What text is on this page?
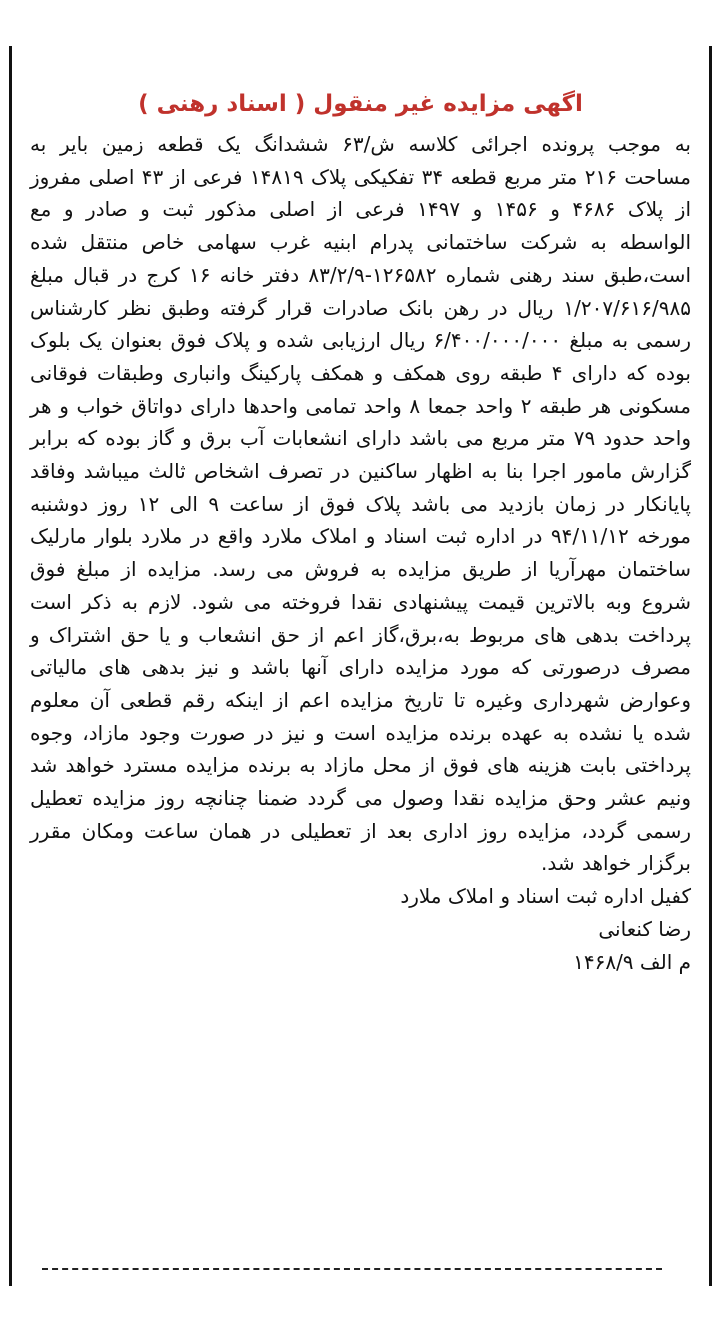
اگهی مزایده غیر منقول ( اسناد رهنی )

به موجب پرونده اجرائی کلاسه ش/۶۳ ششدانگ یک قطعه زمین بایر به مساحت ۲۱۶ متر مربع قطعه ۳۴ تفکیکی پلاک ۱۴۸۱۹ فرعی از ۴۳ اصلی مفروز از پلاک ۴۶۸۶ و ۱۴۵۶ و ۱۴۹۷ فرعی از اصلی مذکور ثبت و صادر و مع الواسطه به شرکت ساختمانی پدرام ابنیه غرب سهامی خاص منتقل شده است،طبق سند رهنی شماره ۱۲۶۵۸۲-۸۳/۲/۹ دفتر خانه ۱۶ کرج در قبال مبلغ ۱/۲۰۷/۶۱۶/۹۸۵ ریال در رهن بانک صادرات قرار گرفته وطبق نظر کارشناس رسمی به مبلغ ۶/۴۰۰/۰۰۰/۰۰۰ ریال ارزیابی شده و پلاک فوق بعنوان یک بلوک بوده که دارای ۴ طبقه روی همکف و همکف پارکینگ وانباری وطبقات فوقانی مسکونی هر طبقه ۲ واحد جمعا ۸ واحد تمامی واحدها دارای دواتاق خواب و هر واحد حدود ۷۹ متر مربع می باشد دارای انشعابات آب برق و گاز بوده که برابر گزارش مامور اجرا بنا به اظهار ساکنین در تصرف اشخاص ثالث میباشد وفاقد پایانکار در زمان بازدید می باشد پلاک فوق از ساعت ۹ الی ۱۲ روز دوشنبه مورخه ۹۴/۱۱/۱۲ در اداره ثبت اسناد و املاک ملارد واقع در ملارد بلوار مارلیک ساختمان مهرآریا از طریق مزایده به فروش می رسد. مزایده از مبلغ فوق شروع وبه بالاترین قیمت پیشنهادی نقدا فروخته می شود. لازم به ذکر است پرداخت بدهی های مربوط به،برق،گاز اعم از حق انشعاب و یا حق اشتراک و مصرف درصورتی که مورد مزایده دارای آنها باشد و نیز بدهی های مالیاتی وعوارض شهرداری وغیره تا تاریخ مزایده اعم از اینکه رقم قطعی آن معلوم شده یا نشده به عهده برنده مزایده است و نیز در صورت وجود مازاد، وجوه پرداختی بابت هزینه های فوق از محل مازاد به برنده مزایده مسترد خواهد شد ونیم عشر وحق مزایده نقدا وصول می گردد ضمنا چنانچه روز مزایده تعطیل رسمی گردد، مزایده روز اداری بعد از تعطیلی در همان ساعت ومکان مقرر برگزار خواهد شد.

کفیل اداره ثبت اسناد و املاک ملارد
رضا کنعانی
م الف ۱۴۶۸/۹
